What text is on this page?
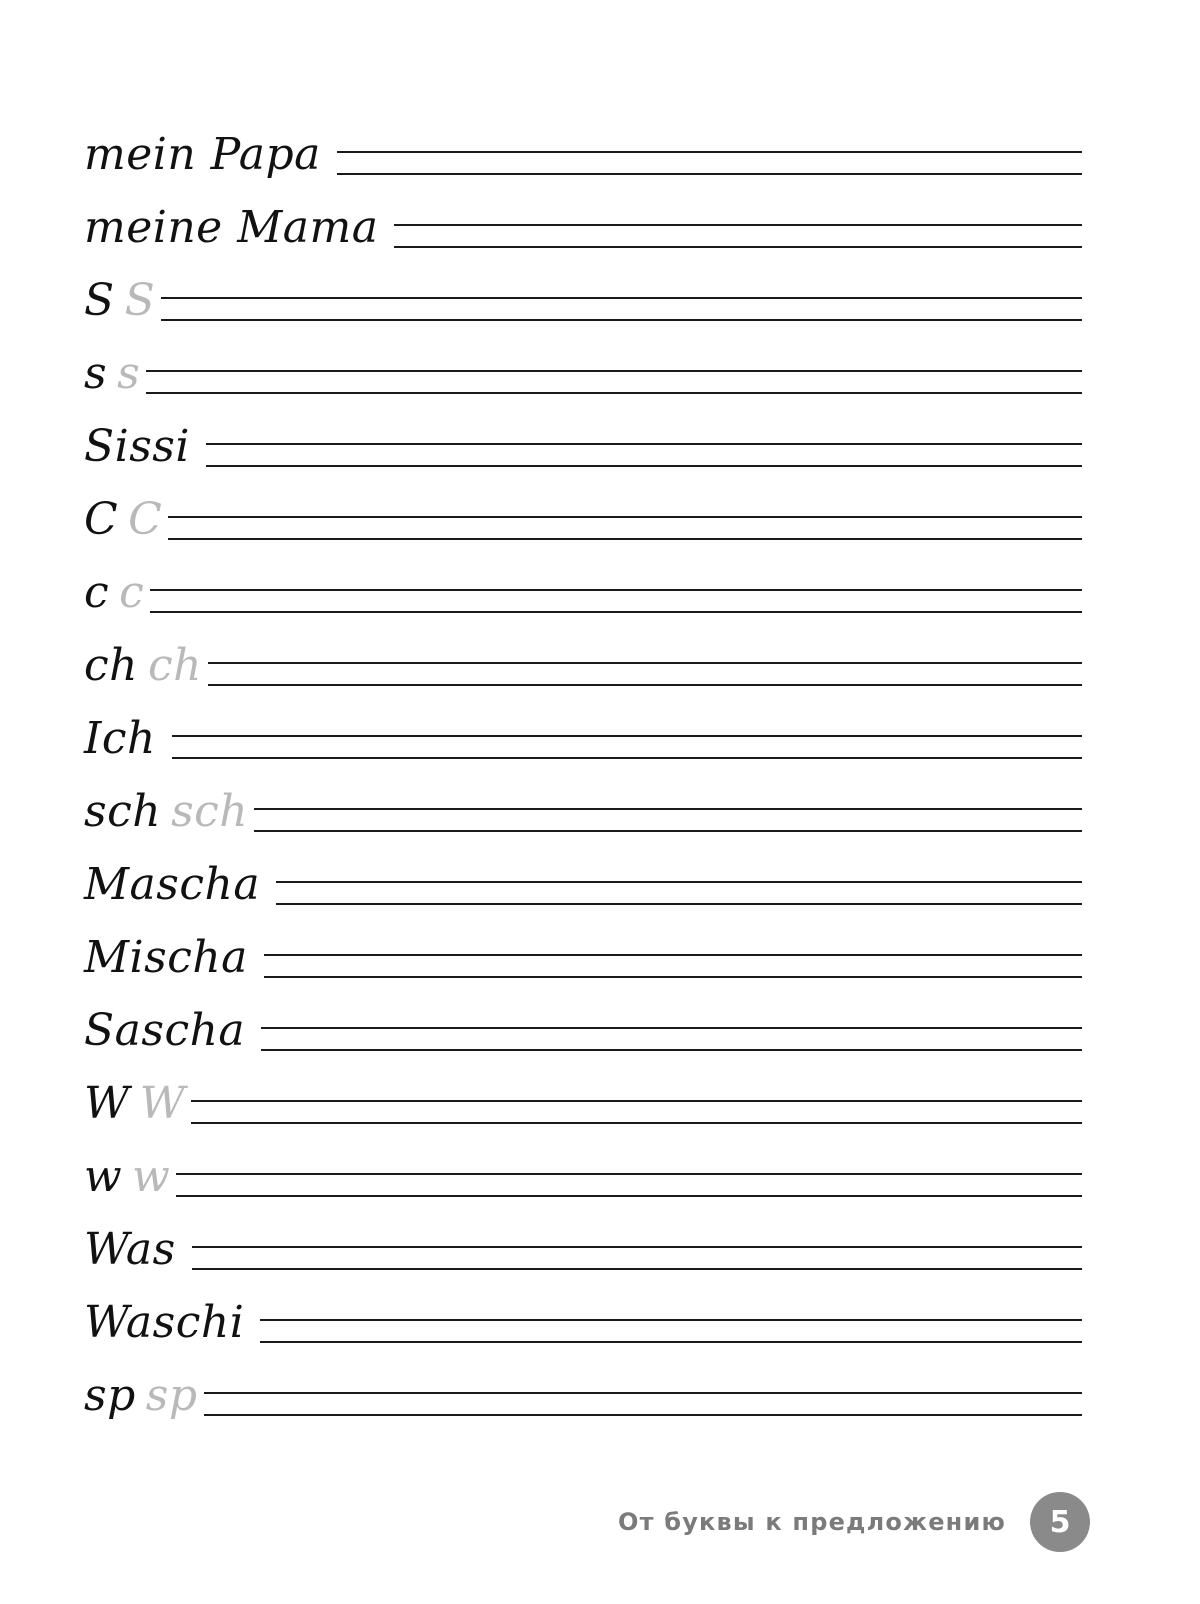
mein Papa
meine Mama
S S
s s
Sissi
C C
c c
ch ch
Ich
sch sch
Mascha
Mischa
Sascha
W W
w w
Was
Waschi
sp sp
От буквы к предложению 5
